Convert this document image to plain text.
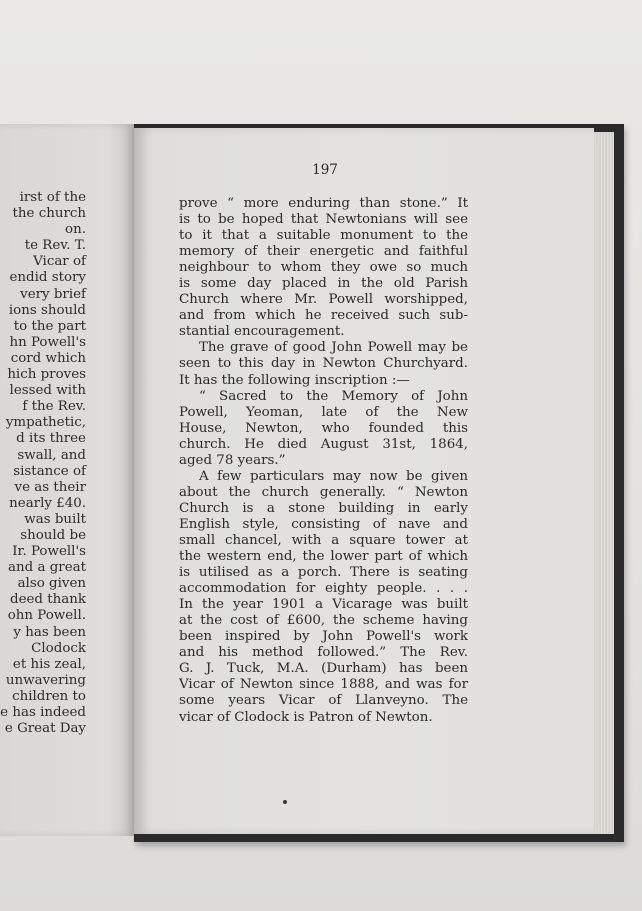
irst of the
the church
on.
te Rev. T.
Vicar of
endid story
very brief
ions should
to the part
hn Powell's
cord which
hich proves
lessed with
f the Rev.
ympathetic,
d its three
swall, and
sistance of
ve as their
nearly £40.
was built
should be
Ir. Powell's
and a great
also given
deed thank
ohn Powell.
y has been
Clodock
et his zeal,
unwavering
children to
e has indeed
e Great Day
197
prove “ more enduring than stone.” It
is to be hoped that Newtonians will see
to it that a suitable monument to the
memory of their energetic and faithful
neighbour to whom they owe so much
is some day placed in the old Parish
Church where Mr. Powell worshipped,
and from which he received such sub-
stantial encouragement.
The grave of good John Powell may be
seen to this day in Newton Churchyard.
It has the following inscription :—
“ Sacred to the Memory of John
Powell, Yeoman, late of the New
House, Newton, who founded this
church. He died August 31st, 1864,
aged 78 years.”
A few particulars may now be given
about the church generally. “ Newton
Church is a stone building in early
English style, consisting of nave and
small chancel, with a square tower at
the western end, the lower part of which
is utilised as a porch. There is seating
accommodation for eighty people. . . .
In the year 1901 a Vicarage was built
at the cost of £600, the scheme having
been inspired by John Powell's work
and his method followed.” The Rev.
G. J. Tuck, M.A. (Durham) has been
Vicar of Newton since 1888, and was for
some years Vicar of Llanveyno. The
vicar of Clodock is Patron of Newton.
